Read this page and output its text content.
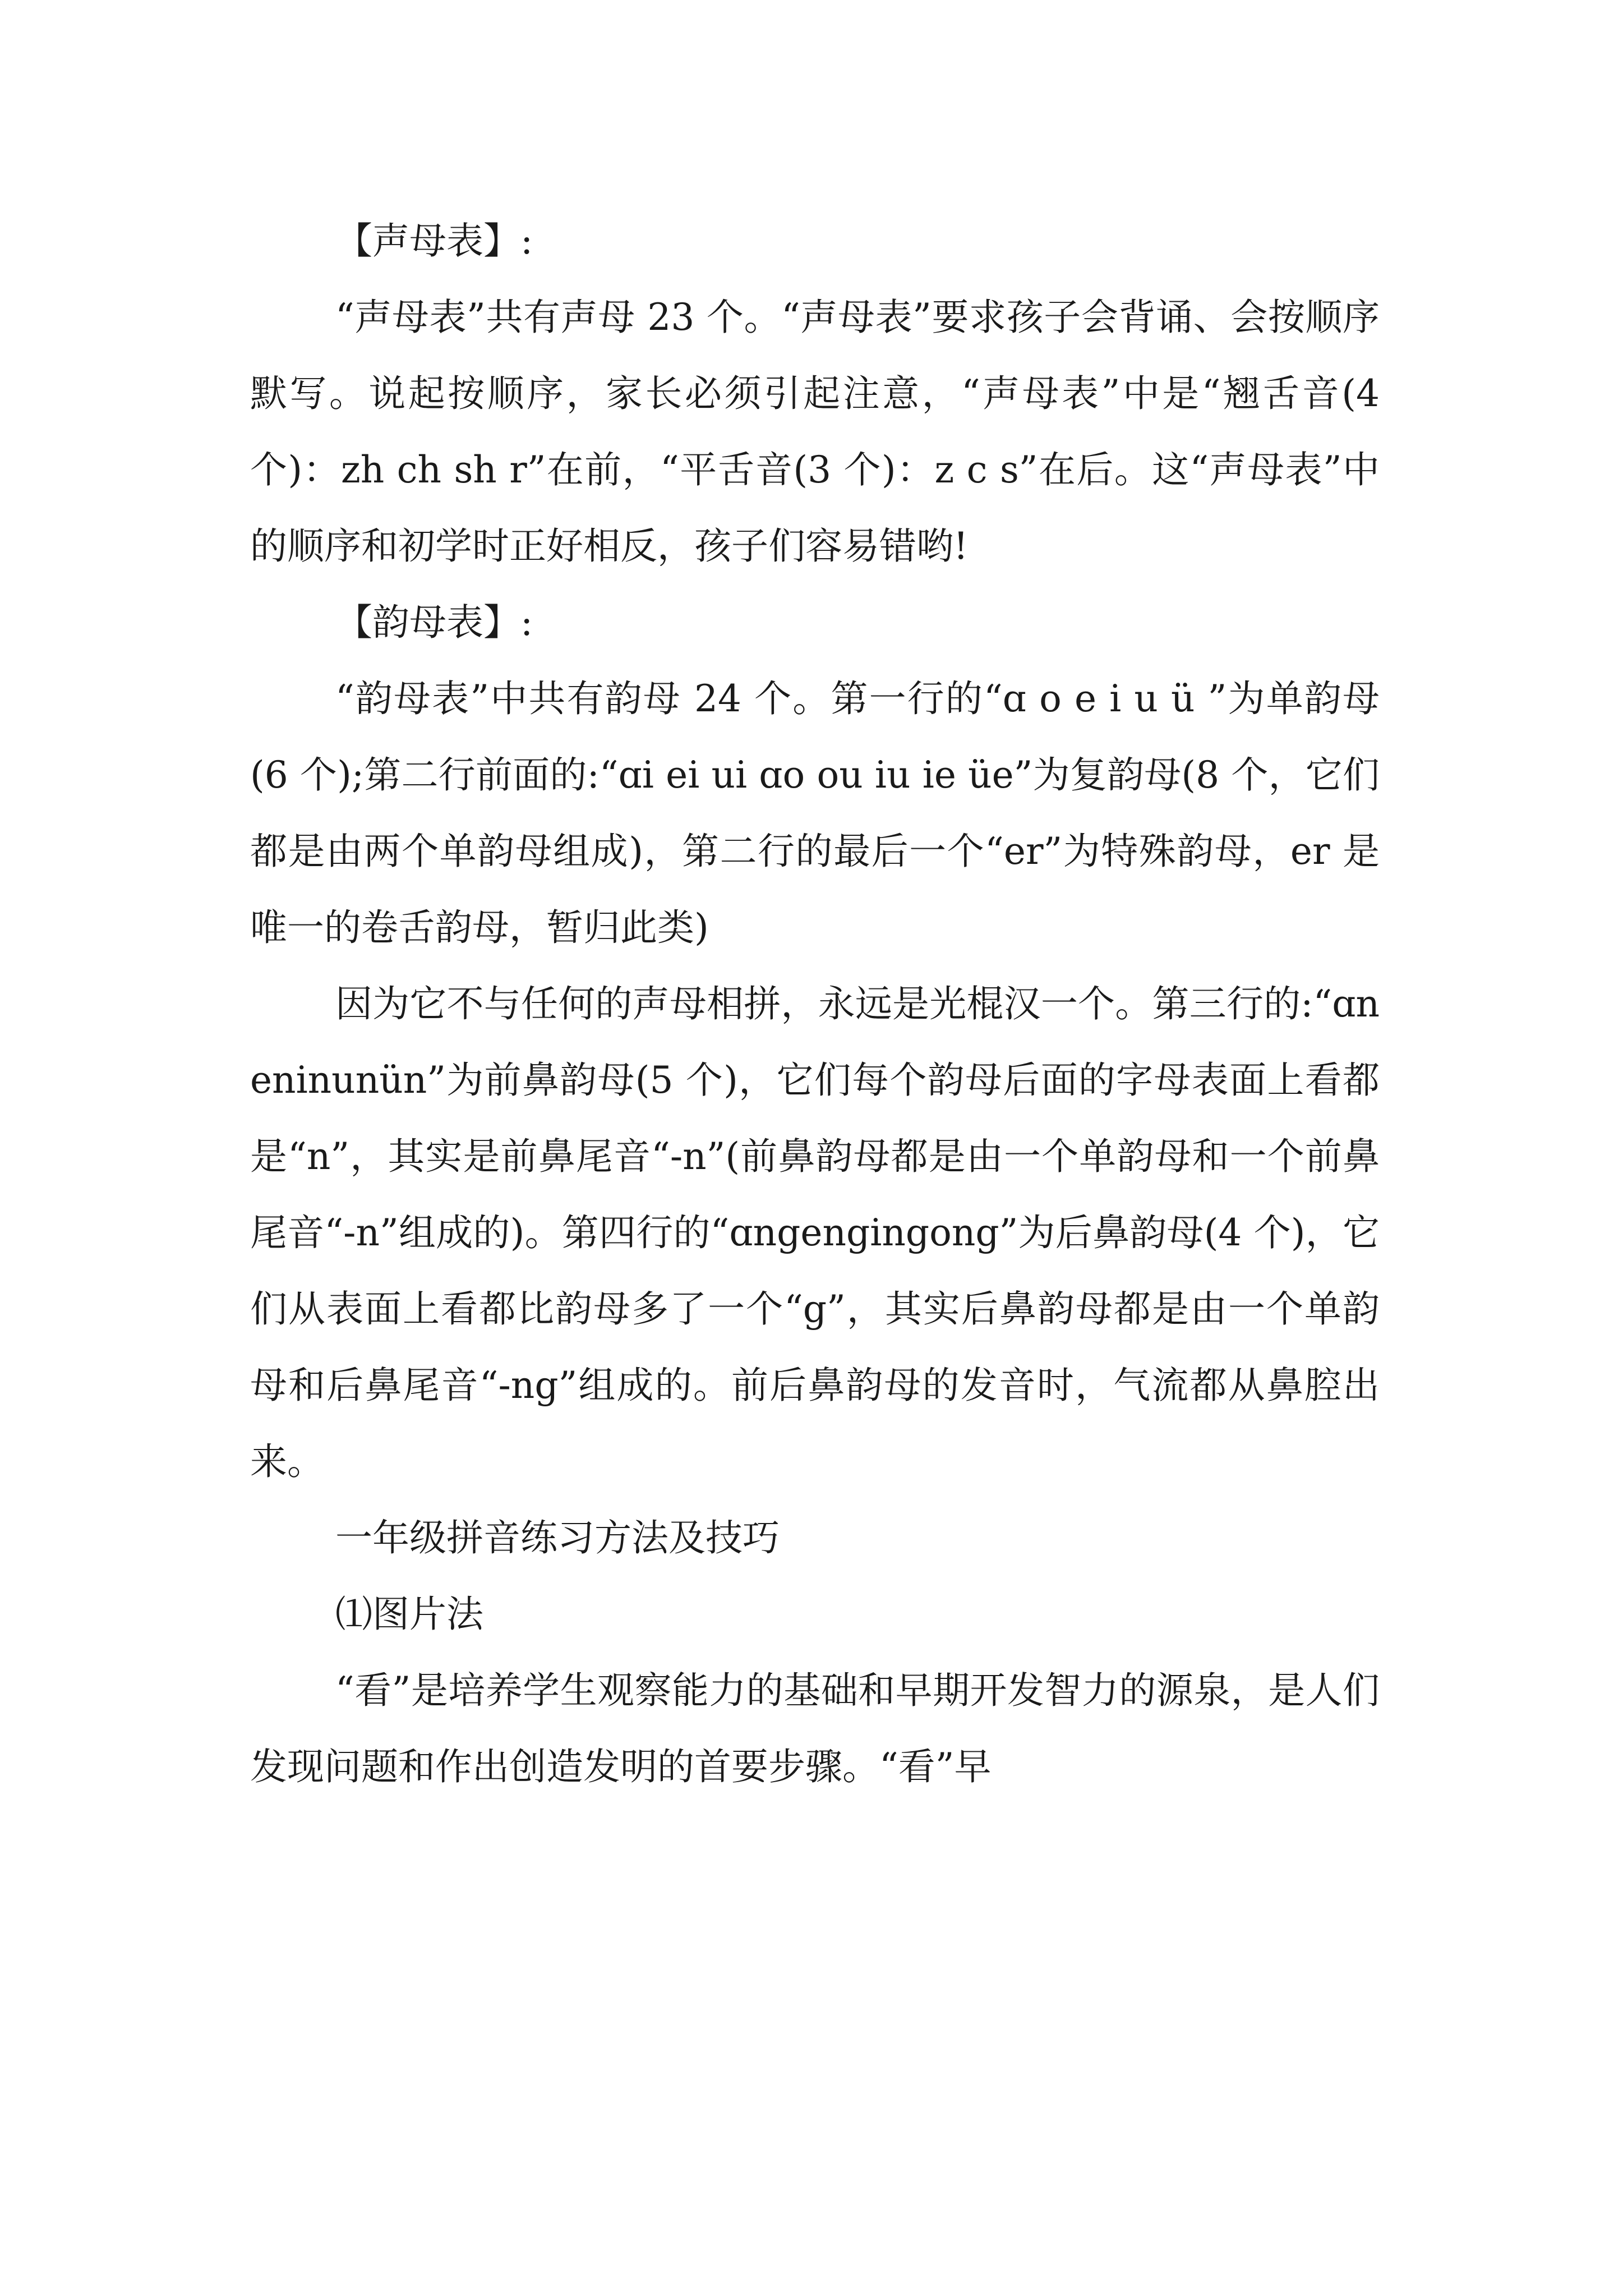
【声母表】:

“声母表”共有声母 23 个。“声母表”要求孩子会背诵、会按顺序默写。说起按顺序，家长必须引起注意，“声母表”中是“翘舌音(4 个)：zh ch sh r”在前，“平舌音(3 个)：z c s”在后。这“声母表”中的顺序和初学时正好相反，孩子们容易错哟!

【韵母表】:

“韵母表”中共有韵母 24 个。第一行的“ɑ o e i u ü ”为单韵母(6 个);第二行前面的:“ɑi ei ui ɑo ou iu ie üe”为复韵母(8 个，它们都是由两个单韵母组成)，第二行的最后一个“er”为特殊韵母，er 是唯一的卷舌韵母，暂归此类)

因为它不与任何的声母相拼，永远是光棍汉一个。第三行的:“ɑneninunün”为前鼻韵母(5 个)，它们每个韵母后面的字母表面上看都是“n”，其实是前鼻尾音“-n”(前鼻韵母都是由一个单韵母和一个前鼻尾音“-n”组成的)。第四行的“ɑngengingong”为后鼻韵母(4 个)，它们从表面上看都比韵母多了一个“g”，其实后鼻韵母都是由一个单韵母和后鼻尾音“-ng”组成的。前后鼻韵母的发音时，气流都从鼻腔出来。

一年级拼音练习方法及技巧

⑴图片法

“看”是培养学生观察能力的基础和早期开发智力的源泉，是人们发现问题和作出创造发明的首要步骤。“看”早
